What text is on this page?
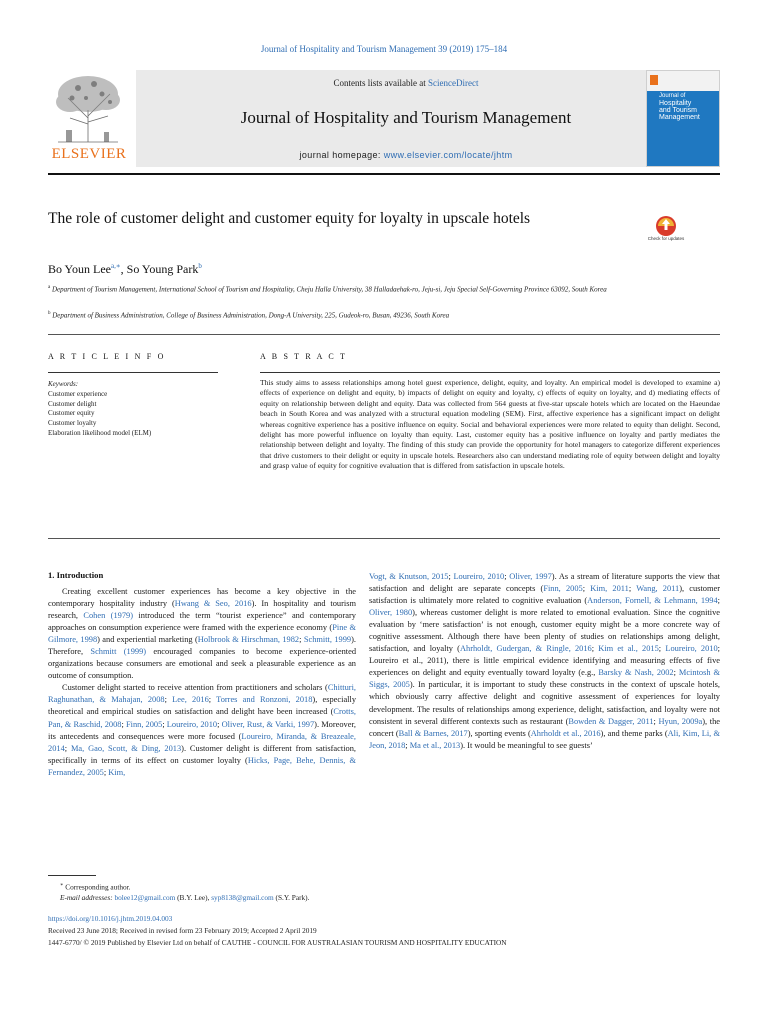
Journal of Hospitality and Tourism Management 39 (2019) 175–184
ELSEVIER
Contents lists available at ScienceDirect
Journal of Hospitality and Tourism Management
journal homepage: www.elsevier.com/locate/jhtm
Journal of
Hospitality
and Tourism
Management
The role of customer delight and customer equity for loyalty in upscale hotels
Check for updates
Bo Youn Lee$^{a,∗}$, So Young Park$^b$
$^a$ Department of Tourism Management, International School of Tourism and Hospitality, Cheju Halla University, 38 Halladaehak-ro, Jeju-si, Jeju Special Self-Governing Province 63092, South Korea
$^b$ Department of Business Administration, College of Business Administration, Dong-A University, 225, Gudeok-ro, Busan, 49236, South Korea
A R T I C L E I N F O	A B S T R A C T
Keywords:
Customer experience
Customer delight
Customer equity
Customer loyalty
Elaboration likelihood model (ELM)
This study aims to assess relationships among hotel guest experience, delight, equity, and loyalty. An empirical model is developed to examine a) effects of experience on delight and equity, b) impacts of delight on equity and loyalty, c) effects of equity on loyalty, and d) mediating effects of equity on relationship between delight and equity. Data was collected from 564 guests at five-star upscale hotels which are located on the Haeundae beach in South Korea and was analyzed with a structural equation modeling (SEM). First, affective experience has a significant impact on delight whereas cognitive experience has a positive influence on equity. Social and behavioral experiences were more related to equity than delight. Second, delight has more powerful influence on loyalty than equity. Last, customer equity has a positive influence on loyalty and partly mediates the relationship between delight and loyalty. The finding of this study can provide the opportunity for hotel managers to categorize different experiences that drive customers to their delight or equity in upscale hotels. Researchers also can understand mediating role of equity between delight and loyalty and grasp value of equity for cognitive evaluation that is differed from satisfaction in upscale hotels.
1. Introduction

Creating excellent customer experiences has become a key objective in the contemporary hospitality industry (Hwang & Seo, 2016). In hospitality and tourism research, Cohen (1979) introduced the term “tourist experience” and contemporary approaches on consumption experience were framed with the experience economy (Pine & Gilmore, 1998) and experiential marketing (Holbrook & Hirschman, 1982; Schmitt, 1999). Therefore, Schmitt (1999) encouraged companies to become experience-oriented organizations because consumers are emotional and seek a pleasurable experience as an outcome of consumption.

Customer delight started to receive attention from practitioners and scholars (Chitturi, Raghunathan, & Mahajan, 2008; Lee, 2016; Torres and Ronzoni, 2018), especially theoretical and empirical studies on satisfaction and delight have been increased (Crotts, Pan, & Raschid, 2008; Finn, 2005; Loureiro, 2010; Oliver, Rust, & Varki, 1997). Moreover, its antecedents and consequences were more focused (Loureiro, Miranda, & Breazeale, 2014; Ma, Gao, Scott, & Ding, 2013). Customer delight is different from satisfaction, specifically in terms of its effect on customer loyalty (Hicks, Page, Behe, Dennis, & Fernandez, 2005; Kim,

Vogt, & Knutson, 2015; Loureiro, 2010; Oliver, 1997). As a stream of literature supports the view that satisfaction and delight are separate concepts (Finn, 2005; Kim, 2011; Wang, 2011), customer satisfaction is ultimately more related to cognitive evaluation (Anderson, Fornell, & Lehmann, 1994; Oliver, 1980), whereas customer delight is more related to emotional evaluation. Since the cognitive evaluation by ‘mere satisfaction’ is not enough, customer equity might be a more concrete way of cognitive assessment. Although there have been plenty of studies on relationships among delight, satisfaction, and loyalty (Ahrholdt, Gudergan, & Ringle, 2016; Kim et al., 2015; Loureiro, 2010; Loureiro et al., 2011), there is little empirical evidence identifying and measuring effects of five experiences on delight and equity eventually toward loyalty (e.g., Barsky & Nash, 2002; Mcintosh & Siggs, 2005). In particular, it is important to study these constructs in the context of upscale hotels, which obviously carry affective delight and cognitive assessment of experiences for loyalty development. The results of relationships among experience, delight, satisfaction, and loyalty were not consistent in several different contexts such as restaurant (Bowden & Dagger, 2011; Hyun, 2009a), the concert (Ball & Barnes, 2017), sporting events (Ahrholdt et al., 2016), and theme parks (Ali, Kim, Li, & Jeon, 2018; Ma et al., 2013). It would be meaningful to see guests’

∗ Corresponding author.
E-mail addresses: bolee12@gmail.com (B.Y. Lee), syp8138@gmail.com (S.Y. Park).
https://doi.org/10.1016/j.jhtm.2019.04.003
Received 23 June 2018; Received in revised form 23 February 2019; Accepted 2 April 2019
1447-6770/ © 2019 Published by Elsevier Ltd on behalf of CAUTHE - COUNCIL FOR AUSTRALASIAN TOURISM AND HOSPITALITY EDUCATION
